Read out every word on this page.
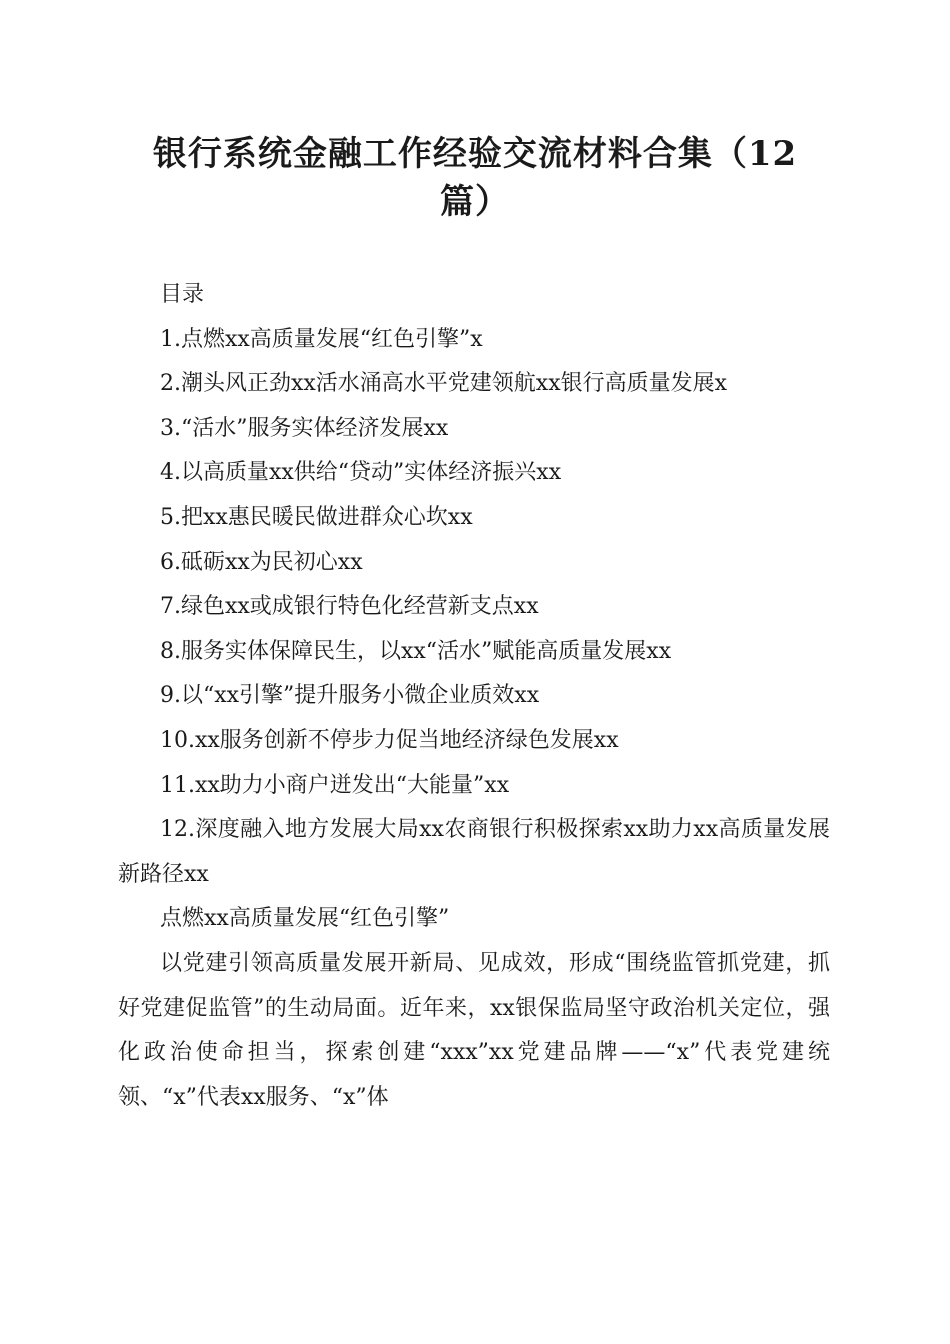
银行系统金融工作经验交流材料合集（12
篇）

目录

1.点燃xx高质量发展“红色引擎”x

2.潮头风正劲xx活水涌高水平党建领航xx银行高质量发展x

3.“活水”服务实体经济发展xx

4.以高质量xx供给“贷动”实体经济振兴xx

5.把xx惠民暖民做进群众心坎xx

6.砥砺xx为民初心xx

7.绿色xx或成银行特色化经营新支点xx

8.服务实体保障民生，以xx“活水”赋能高质量发展xx

9.以“xx引擎”提升服务小微企业质效xx

10.xx服务创新不停步力促当地经济绿色发展xx

11.xx助力小商户迸发出“大能量”xx

12.深度融入地方发展大局xx农商银行积极探索xx助力xx高质量发展新路径xx

点燃xx高质量发展“红色引擎”

以党建引领高质量发展开新局、见成效，形成“围绕监管抓党建，抓好党建促监管”的生动局面。近年来，xx银保监局坚守政治机关定位，强化政治使命担当，探索创建“xxx”xx党建品牌——“x”代表党建统领、“x”代表xx服务、“x”体
